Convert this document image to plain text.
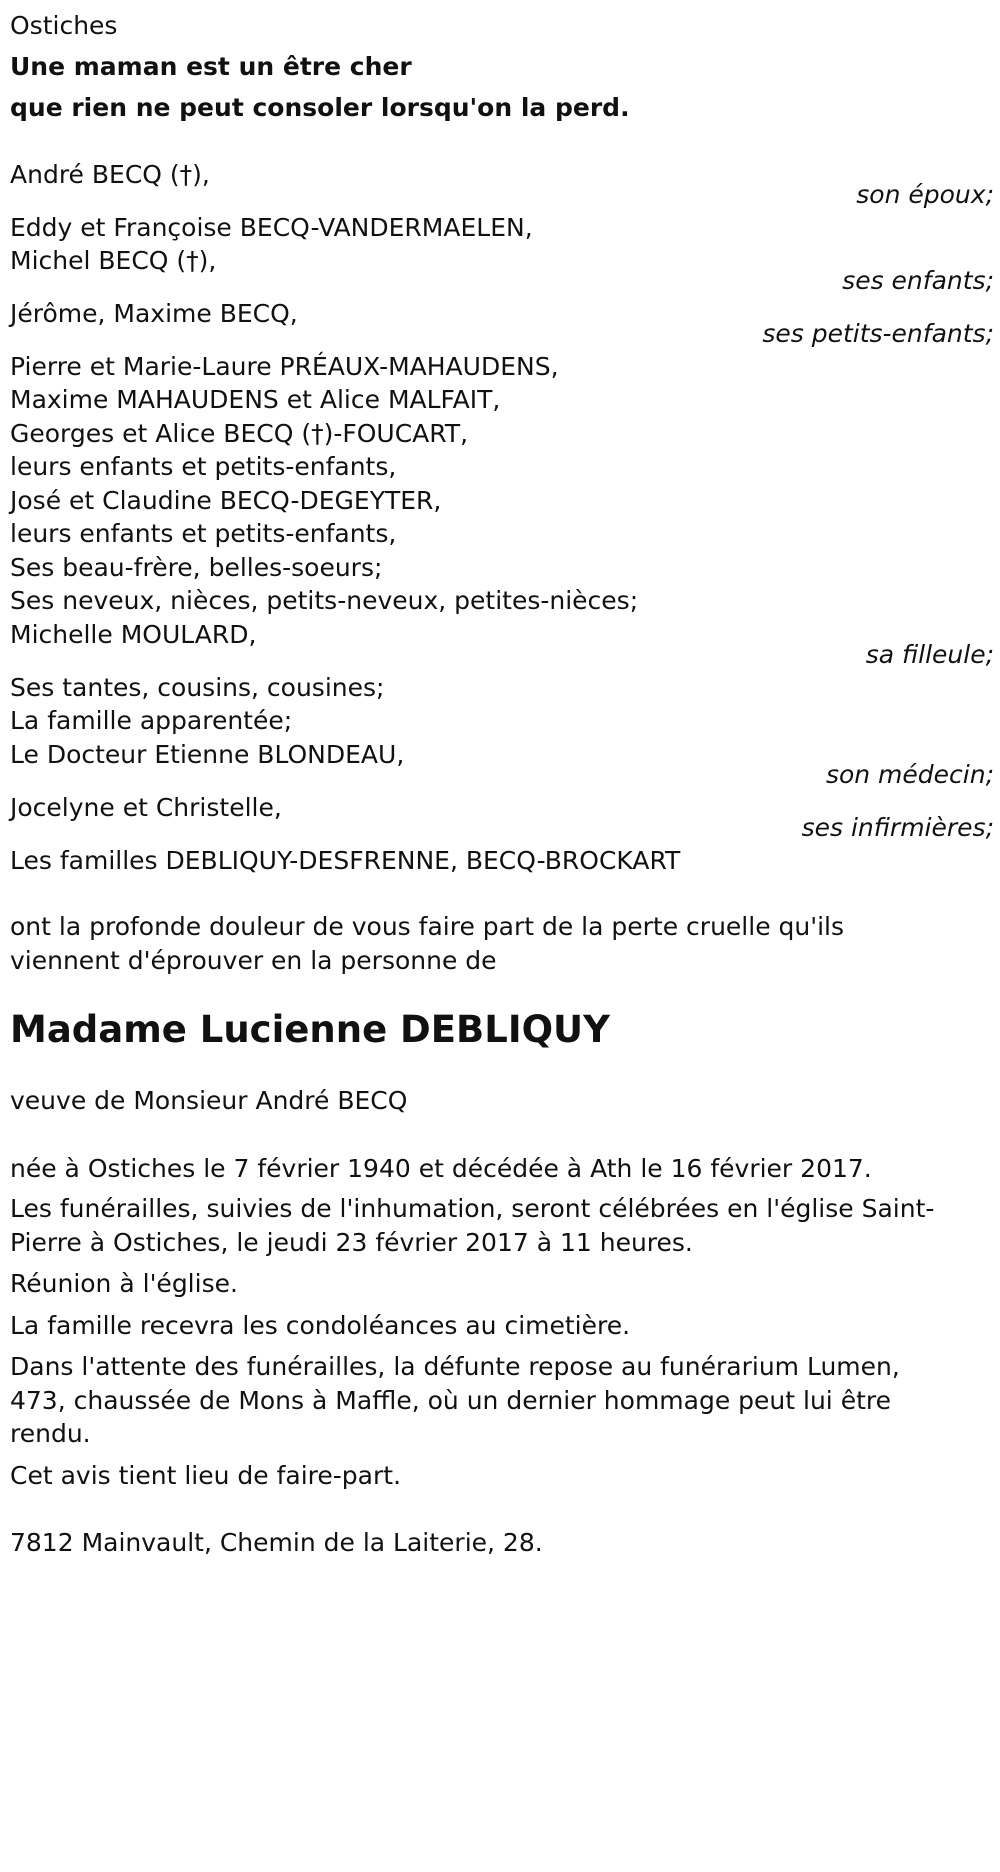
Ostiches

Une maman est un être cher

que rien ne peut consoler lorsqu'on la perd.

André BECQ (†),

son époux;

Eddy et Françoise BECQ-VANDERMAELEN,

Michel BECQ (†),

ses enfants;

Jérôme, Maxime BECQ,

ses petits-enfants;

Pierre et Marie-Laure PRÉAUX-MAHAUDENS,

Maxime MAHAUDENS et Alice MALFAIT,

Georges et Alice BECQ (†)-FOUCART,

leurs enfants et petits-enfants,

José et Claudine BECQ-DEGEYTER,

leurs enfants et petits-enfants,

Ses beau-frère, belles-soeurs;

Ses neveux, nièces, petits-neveux, petites-nièces;

Michelle MOULARD,

sa filleule;

Ses tantes, cousins, cousines;

La famille apparentée;

Le Docteur Etienne BLONDEAU,

son médecin;

Jocelyne et Christelle,

ses infirmières;

Les familles DEBLIQUY-DESFRENNE, BECQ-BROCKART

ont la profonde douleur de vous faire part de la perte cruelle qu'ils

viennent d'éprouver en la personne de

Madame Lucienne DEBLIQUY

veuve de Monsieur André BECQ

née à Ostiches le 7 février 1940 et décédée à Ath le 16 février 2017.

Les funérailles, suivies de l'inhumation, seront célébrées en l'église Saint-

Pierre à Ostiches, le jeudi 23 février 2017 à 11 heures.

Réunion à l'église.

La famille recevra les condoléances au cimetière.

Dans l'attente des funérailles, la défunte repose au funérarium Lumen,

473, chaussée de Mons à Maffle, où un dernier hommage peut lui être

rendu.

Cet avis tient lieu de faire-part.

7812 Mainvault, Chemin de la Laiterie, 28.
